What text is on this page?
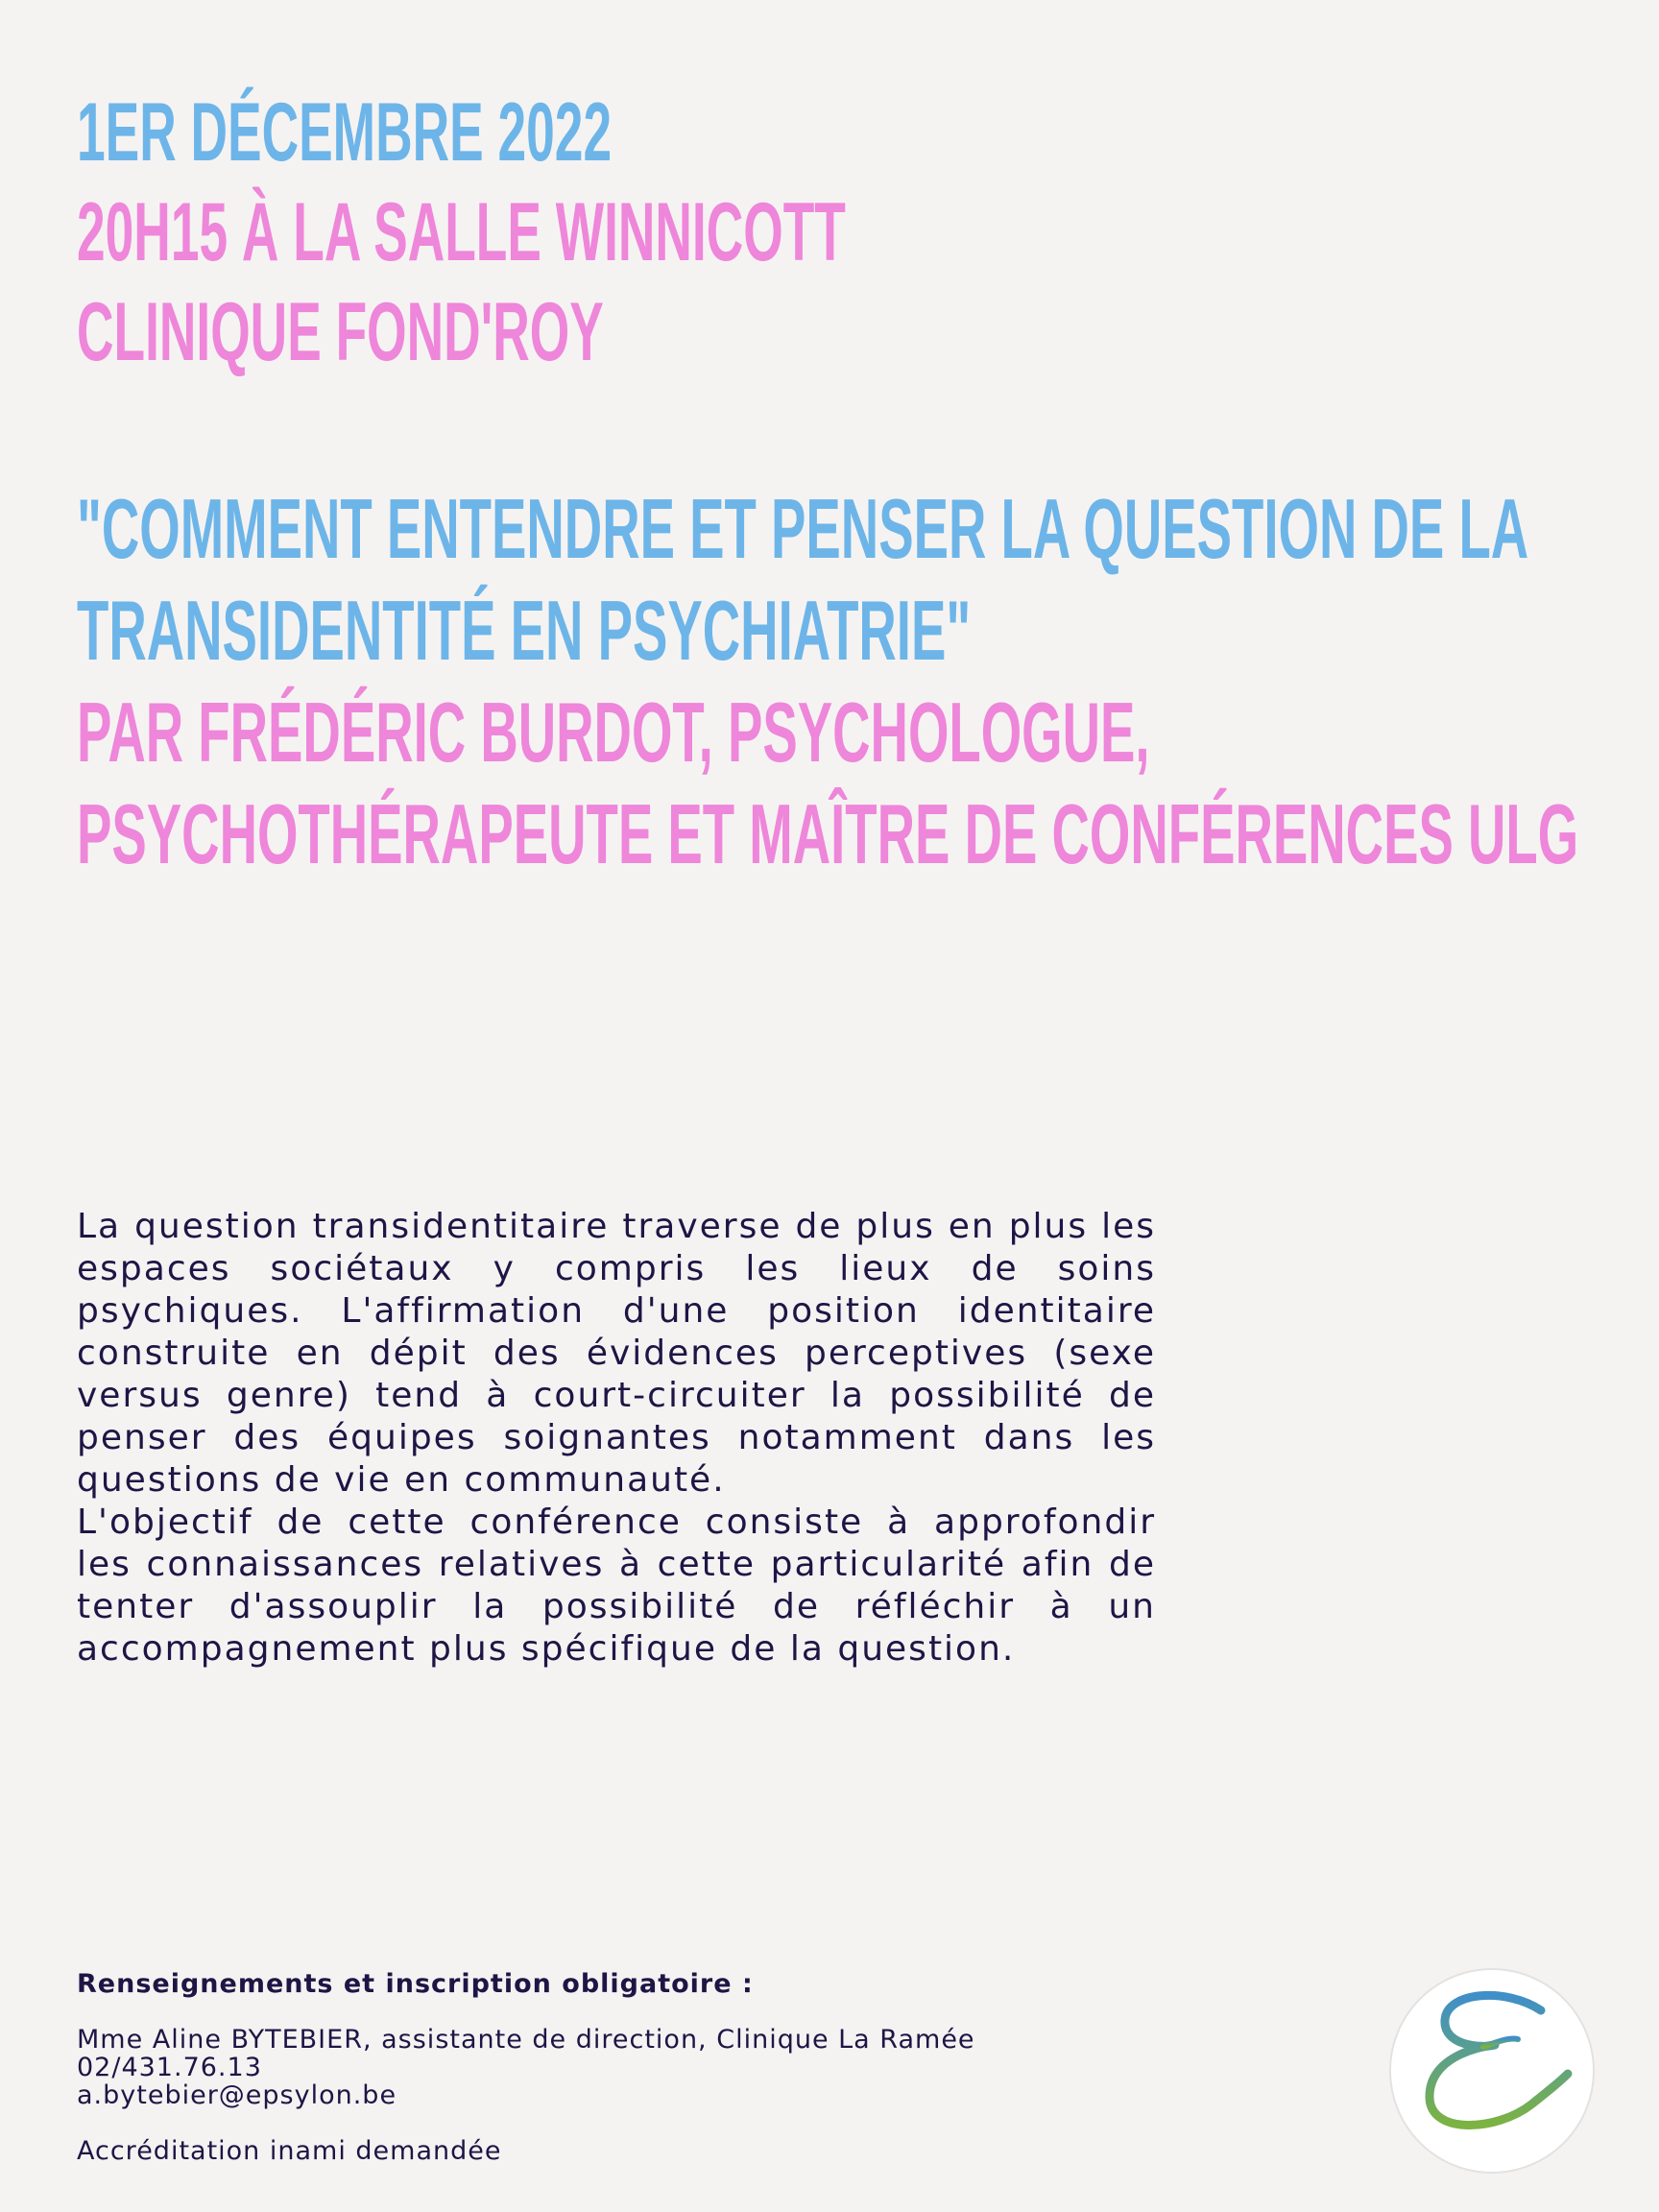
1ER DÉCEMBRE 2022
20H15 À LA SALLE WINNICOTT
CLINIQUE FOND'ROY
"COMMENT ENTENDRE ET PENSER LA QUESTION DE LA
TRANSIDENTITÉ EN PSYCHIATRIE"
PAR FRÉDÉRIC BURDOT, PSYCHOLOGUE,
PSYCHOTHÉRAPEUTE ET MAÎTRE DE CONFÉRENCES ULG

La question transidentitaire traverse de plus en plus les espaces sociétaux y compris les lieux de soins psychiques. L'affirmation d'une position identitaire construite en dépit des évidences perceptives (sexe versus genre) tend à court-circuiter la possibilité de penser des équipes soignantes notamment dans les questions de vie en communauté.

L'objectif de cette conférence consiste à approfondir les connaissances relatives à cette particularité afin de tenter d'assouplir la possibilité de réfléchir à un accompagnement plus spécifique de la question.

Renseignements et inscription obligatoire :
Mme Aline BYTEBIER, assistante de direction, Clinique La Ramée
02/431.76.13
a.bytebier@epsylon.be
Accréditation inami demandée
